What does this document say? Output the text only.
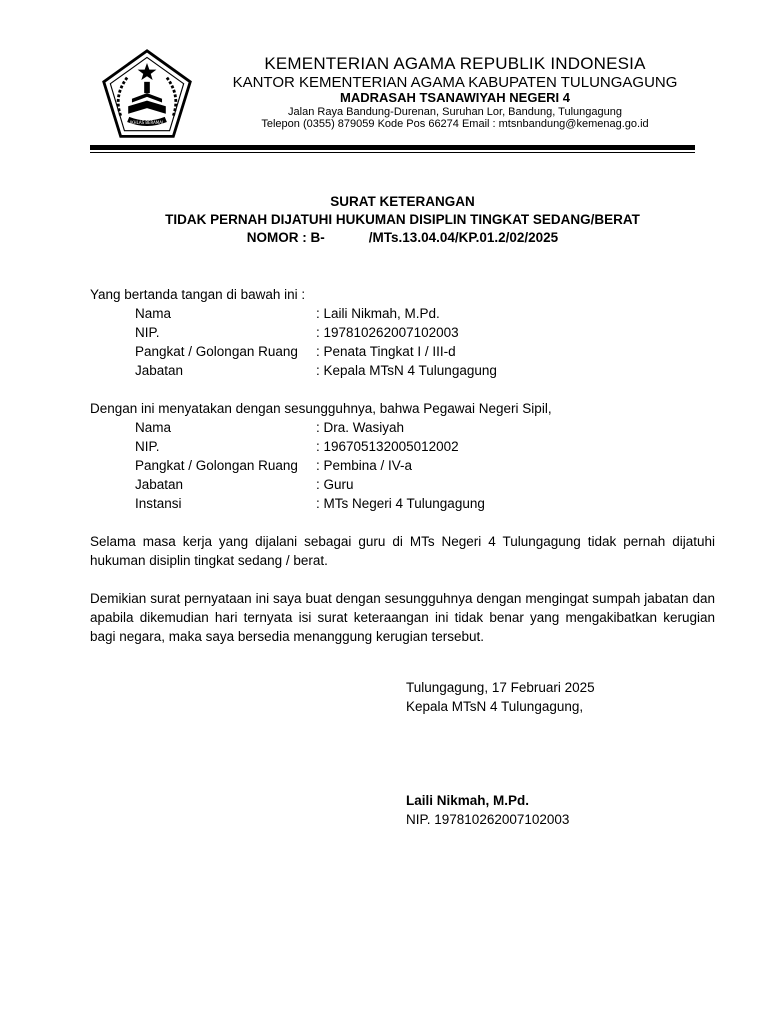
IKHLAS BERAMAL
KEMENTERIAN AGAMA REPUBLIK INDONESIA
KANTOR KEMENTERIAN AGAMA KABUPATEN TULUNGAGUNG
MADRASAH TSANAWIYAH NEGERI 4
Jalan Raya Bandung-Durenan, Suruhan Lor, Bandung, Tulungagung
Telepon (0355) 879059 Kode Pos 66274 Email : mtsnbandung@kemenag.go.id
SURAT KETERANGAN
TIDAK PERNAH DIJATUHI HUKUMAN DISIPLIN TINGKAT SEDANG/BERAT
NOMOR : B-	/MTs.13.04.04/KP.01.2/02/2025

Yang bertanda tangan di bawah ini :

Nama	: Laili Nikmah, M.Pd.
NIP.	: 197810262007102003
Pangkat / Golongan Ruang	: Penata Tingkat I / III-d
Jabatan	: Kepala MTsN 4 Tulungagung

Dengan ini menyatakan dengan sesungguhnya, bahwa Pegawai Negeri Sipil,

Nama	: Dra. Wasiyah
NIP.	: 196705132005012002
Pangkat / Golongan Ruang	: Pembina / IV-a
Jabatan	: Guru
Instansi	: MTs Negeri 4 Tulungagung

Selama masa kerja yang dijalani sebagai guru di MTs Negeri 4 Tulungagung tidak pernah dijatuhi hukuman disiplin tingkat sedang / berat.

Demikian surat pernyataan ini saya buat dengan sesungguhnya dengan mengingat sumpah jabatan dan apabila dikemudian hari ternyata isi surat keteraangan ini tidak benar yang mengakibatkan kerugian bagi negara, maka saya bersedia menanggung kerugian tersebut.

Tulungagung, 17 Februari 2025
Kepala MTsN 4 Tulungagung,
Laili Nikmah, M.Pd.
NIP. 197810262007102003
